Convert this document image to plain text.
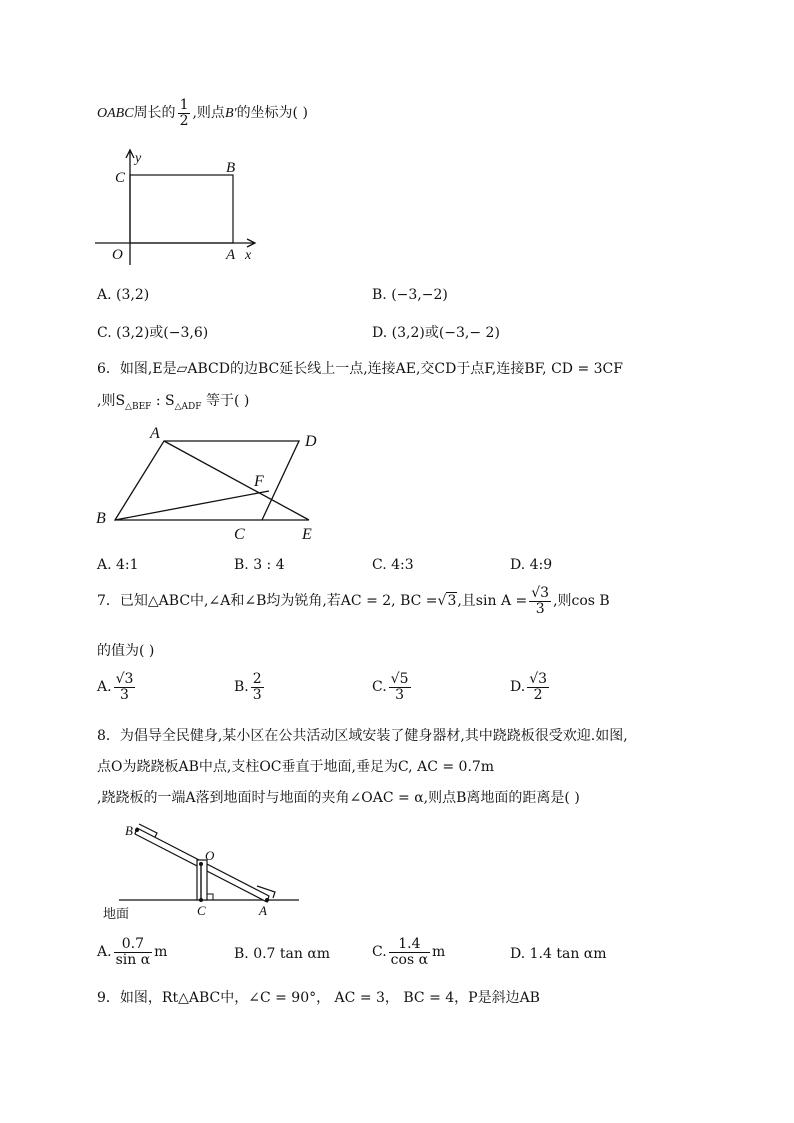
OABC周长的 $\frac{1}{2}$ ,则点B′的坐标为( )
y
C
B
O	A x
A. (3,2)	B. (−3,−2)
C. (3,2)或(−3,6)	D. (3,2)或(−3,− 2)
6．如图,E是▱ABCD的边BC延长线上一点,连接AE,交CD于点F,连接BF, CD = 3CF
,则$S_{\triangle BEF}$ : $S_{\triangle ADF}$ 等于( )
A	D
F
B
C	E
A. 4:1	B. 3 : 4	C. 4:3	D. 4:9
7．已知△ABC中,∠A和∠B均为锐角,若AC = 2, BC =√3,且$\sin A = \frac{√3}{3}$ ,则cos B
的值为( )
A. $\frac{√3}{3}$	B. $\frac{2}{3}$	C. $\frac{√5}{3}$	D. $\frac{√3}{2}$
8．为倡导全民健身,某小区在公共活动区域安装了健身器材,其中跷跷板很受欢迎.如图,
点O为跷跷板AB中点,支柱OC垂直于地面,垂足为C, AC = 0.7m
,跷跷板的一端A落到地面时与地面的夹角∠OAC = α,则点B离地面的距离是( )
B
O
C	A
地面
A. $\frac{0.7}{\text{sin α}}$ m	B. 0.7 tan αm	C. $\frac{1.4}{\text{cos α}}$ m	D. 1.4 tan αm
9．如图，Rt△ABC中，∠C = 90°， AC = 3， BC = 4，P是斜边AB
